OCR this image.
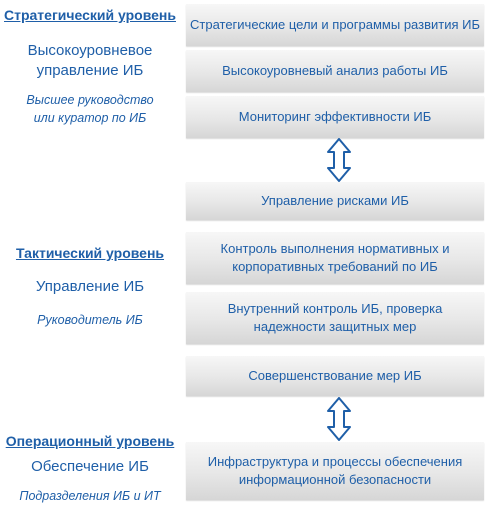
Стратегический уровень
Высокоуровневое
управление ИБ
Высшее руководство
или куратор по ИБ
Тактический уровень
Управление ИБ
Руководитель ИБ
Операционный уровень
Обеспечение ИБ
Подразделения ИБ и ИТ
Стратегические цели и программы развития ИБ
Высокоуровневый анализ работы ИБ
Мониторинг эффективности ИБ
Управление рисками ИБ
Контроль выполнения нормативных и
корпоративных требований по ИБ
Внутренний контроль ИБ, проверка
надежности защитных мер
Совершенствование мер ИБ
Инфраструктура и процессы обеспечения
информационной безопасности
